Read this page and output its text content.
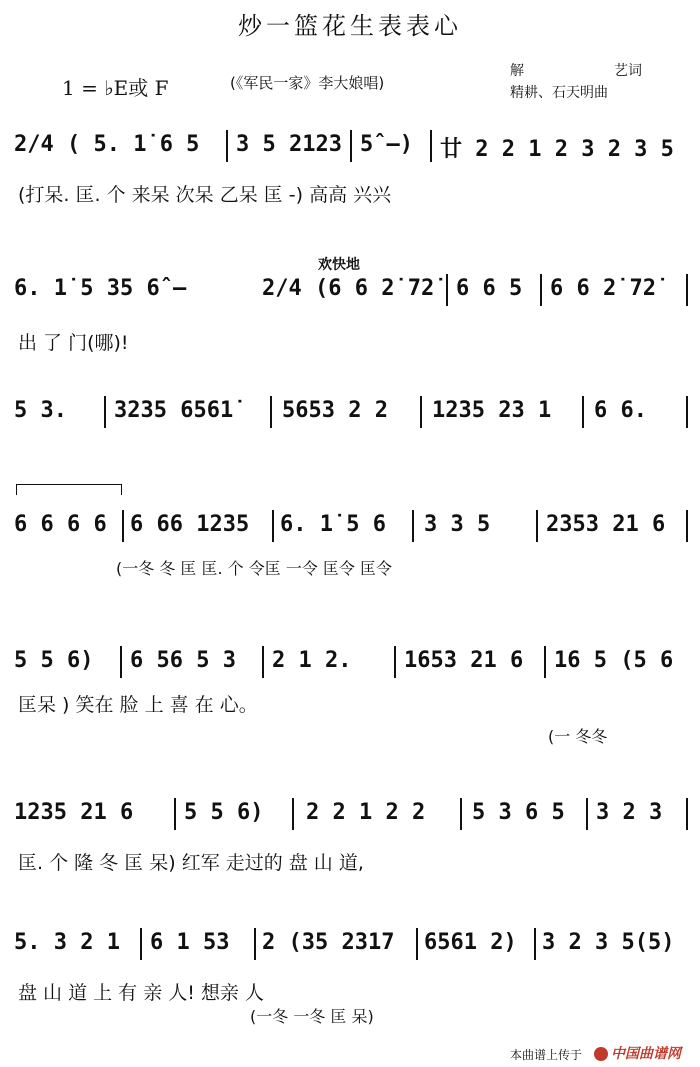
炒一篮花生表表心
1 = ♭E或 F	(《军民一家》李大娘唱)
解	艺词
精耕、石天明曲
2/4 ( 5. 1̇ 6 5 3 5 2123 5̂ –) 廿 2 2 1 2 3 2 3 5
(打呆. 匡. 个 来呆 次呆 乙呆 匡 -) 高高 兴兴
欢快地
6. 1̇ 5 35 6̂ –	2/4 (6 6 2̇ 72̇ 6 6 5 6 6 2̇ 72̇
出 了 门(哪)!
5 3. 3235 6561̇ 5653 2 2 1235 23 1 6 6.
6 6 6 6 6 66 1235 6. 1̇ 5 6 3 3 5	2353 21 6
(一冬 冬 匡 匡. 个 令匡 一令 匡令 匡令
5 5 6) 6 56 5 3 2 1 2. 1653 21 6 16 5 (5 6
匡呆 ) 笑在 脸 上 喜 在 心。
(一 冬冬
1235 21 6 5 5 6) 2 2 1 2 2 5 3 6 5 3 2 3
匡. 个 隆 冬 匡 呆) 红军 走过的 盘 山 道,
5. 3 2 1 6 1 53 2 (35 2317 6561 2) 3 2 3 5(5)
盘 山 道 上 有 亲 人! 想亲 人
(一冬 一冬 匡 呆)
本曲谱上传于	中国曲谱网
